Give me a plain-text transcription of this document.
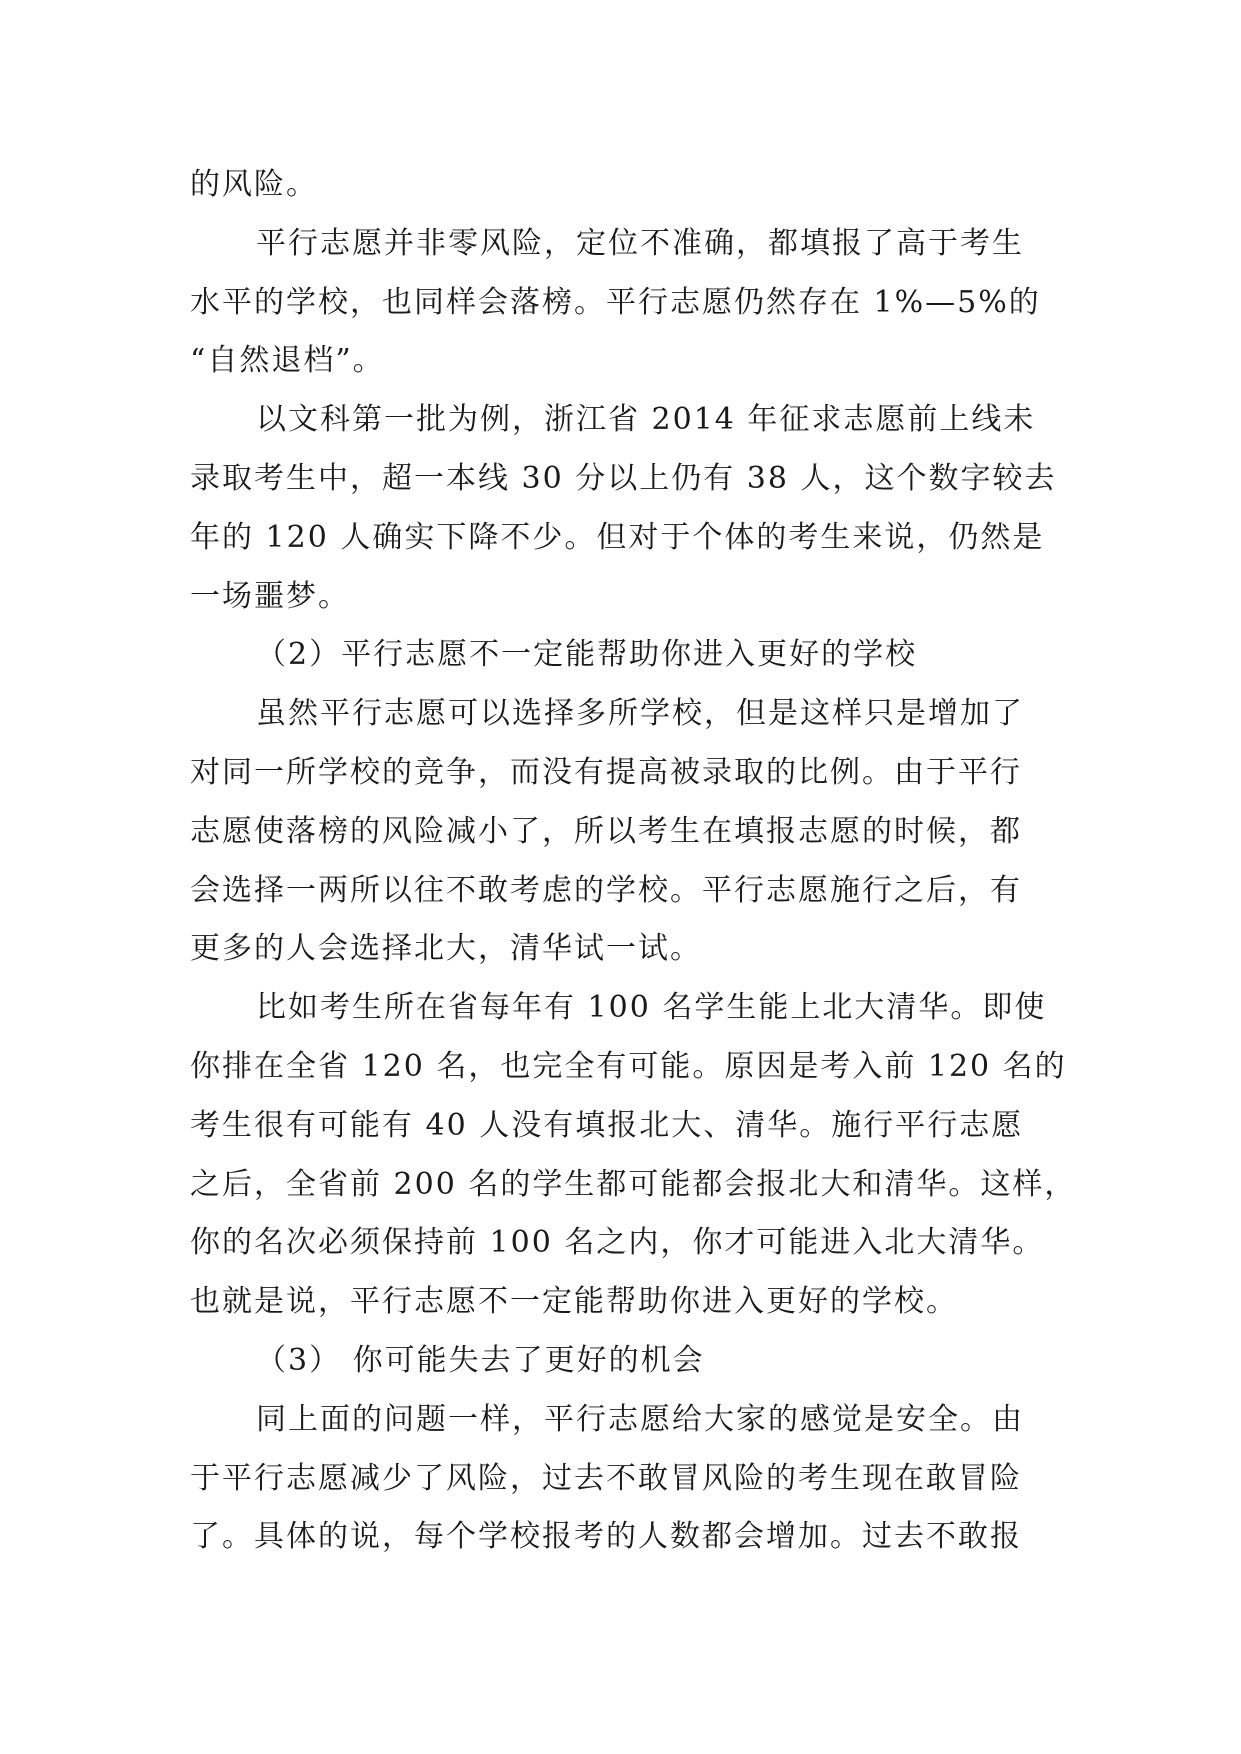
的风险。
平行志愿并非零风险，定位不准确，都填报了高于考生
水平的学校，也同样会落榜。平行志愿仍然存在 1%—5%的
“自然退档”。
以文科第一批为例，浙江省 2014 年征求志愿前上线未
录取考生中，超一本线 30 分以上仍有 38 人，这个数字较去
年的 120 人确实下降不少。但对于个体的考生来说，仍然是
一场噩梦。
（2）平行志愿不一定能帮助你进入更好的学校
虽然平行志愿可以选择多所学校，但是这样只是增加了
对同一所学校的竞争，而没有提高被录取的比例。由于平行
志愿使落榜的风险减小了，所以考生在填报志愿的时候，都
会选择一两所以往不敢考虑的学校。平行志愿施行之后，有
更多的人会选择北大，清华试一试。
比如考生所在省每年有 100 名学生能上北大清华。即使
你排在全省 120 名，也完全有可能。原因是考入前 120 名的
考生很有可能有 40 人没有填报北大、清华。施行平行志愿
之后，全省前 200 名的学生都可能都会报北大和清华。这样，
你的名次必须保持前 100 名之内，你才可能进入北大清华。
也就是说，平行志愿不一定能帮助你进入更好的学校。
（3） 你可能失去了更好的机会
同上面的问题一样，平行志愿给大家的感觉是安全。由
于平行志愿减少了风险，过去不敢冒风险的考生现在敢冒险
了。具体的说，每个学校报考的人数都会增加。过去不敢报
